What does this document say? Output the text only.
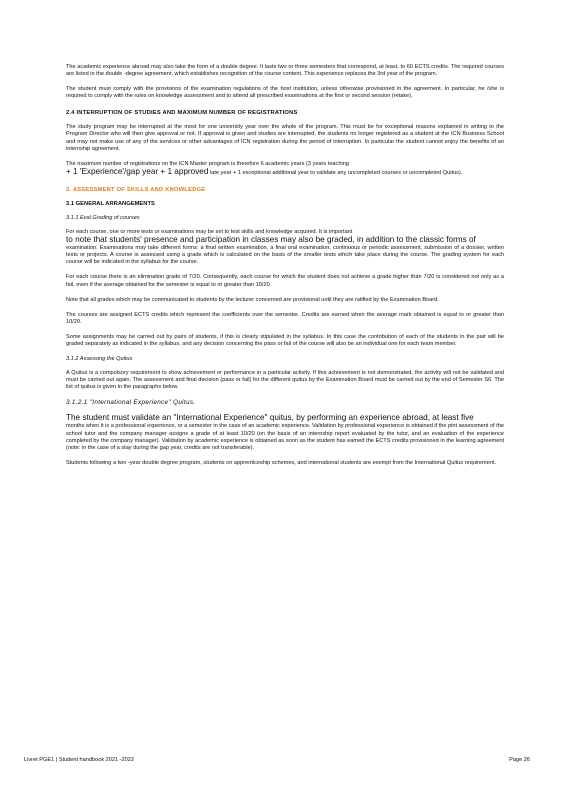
The academic experience abroad may also take the form of a double degree. It lasts two or three semesters that correspond, at least, to 60 ECTS credits. The required courses are listed in the double -degree agreement, which establishes recognition of the course content. This experience replaces the 3rd year of the program.

The student must comply with the provisions of the examination regulations of the host institution, unless otherwise provisioned in the agreement. In particular, he /she is required to comply with the rules on knowledge assessment and to attend all prescribed examinations at the first or second session (retake).

2.4 INTERRUPTION OF STUDIES AND MAXIMUM NUMBER OF REGISTRATIONS

The study program may be interrupted at the most for one university year over the whole of the program. This must be for exceptional reasons explained in writing to the Program Director who will then give approval or not. If approval is given and studies are interrupted, the students no longer registered as a student at the ICN Business School and may not make use of any of the services or other advantages of ICN registration during the period of interruption. In particular the student cannot enjoy the benefits of an internship agreement.

The maximum number of registrations on the ICN Master program is therefore 6 academic years (3 years teaching
+ 1 'Experience'/gap year + 1 approved late year + 1 exceptional additional year to validate any uncompleted courses or uncompleted Quitus).

3. ASSESSMENT OF SKILLS AND KNOWLEDGE
3.1 GENERAL ARRANGEMENTS
3.1.1 Eval Grading of courses

For each course, one or more tests or examinations may be set to test skills and knowledge acquired. It is important
to note that students' presence and participation in classes may also be graded, in addition to the classic forms of
examination. Examinations may take different forms: a final written examination, a final oral examination, continuous or periodic assessment, submission of a dossier, written tests or projects. A course is assessed using a grade which is calculated on the basis of the smaller tests which take place during the course. The grading system for each course will be indicated in the syllabus for the course.

For each course there is an elimination grade of 7/20. Consequently, each course for which the student does not achieve a grade higher than 7/20 is considered not only as a fail, even if the average obtained for the semester is equal to or greater than 10/20.

Note that all grades which may be communicated to students by the lecturer concerned are provisional until they are ratified by the Examination Board.

The courses are assigned ECTS credits which represent the coefficients over the semester. Credits are earned when the average mark obtained is equal to or greater than 10/20.

Some assignments may be carried out by pairs of students, if this is clearly stipulated in the syllabus. In this case the contribution of each of the students in the pair will be graded separately as indicated in the syllabus, and any decision concerning the pass or fail of the course will also be an individual one for each team member.

3.1.2 Assessing the Quitus

A Quitus is a compulsory requirement to show achievement or performance in a particular activity. If this achievement is not demonstrated, the activity will not be validated and must be carried out again. The assessment and final decision (pass or fail) for the different quitus by the Examination Board must be carried out by the end of Semester S6. The list of quitus is given in the paragraphs below.

3.1.2.1 "International Experience" Quitus.

The student must validate an "International Experience" quitus, by performing an experience abroad, at least five
months when it is a professional experience, or a semester in the case of an academic experience. Validation by professional experience is obtained if the pint assessment of the school tutor and the company manager assigns a grade of at least 10/20 (on the basis of an internship report evaluated by the tutor, and an evaluation of the experience completed by the company manager). Validation by academic experience is obtained as soon as the student has earned the ECTS credits provisioned in the learning agreement (note: in the case of a stay during the gap year, credits are not transferable).

Students following a two -year double degree program, students on apprenticeship schemes, and international students are exempt from the International Quitus requirement.

Livret PGE1 | Student handbook 2021 -2022	Page 26
